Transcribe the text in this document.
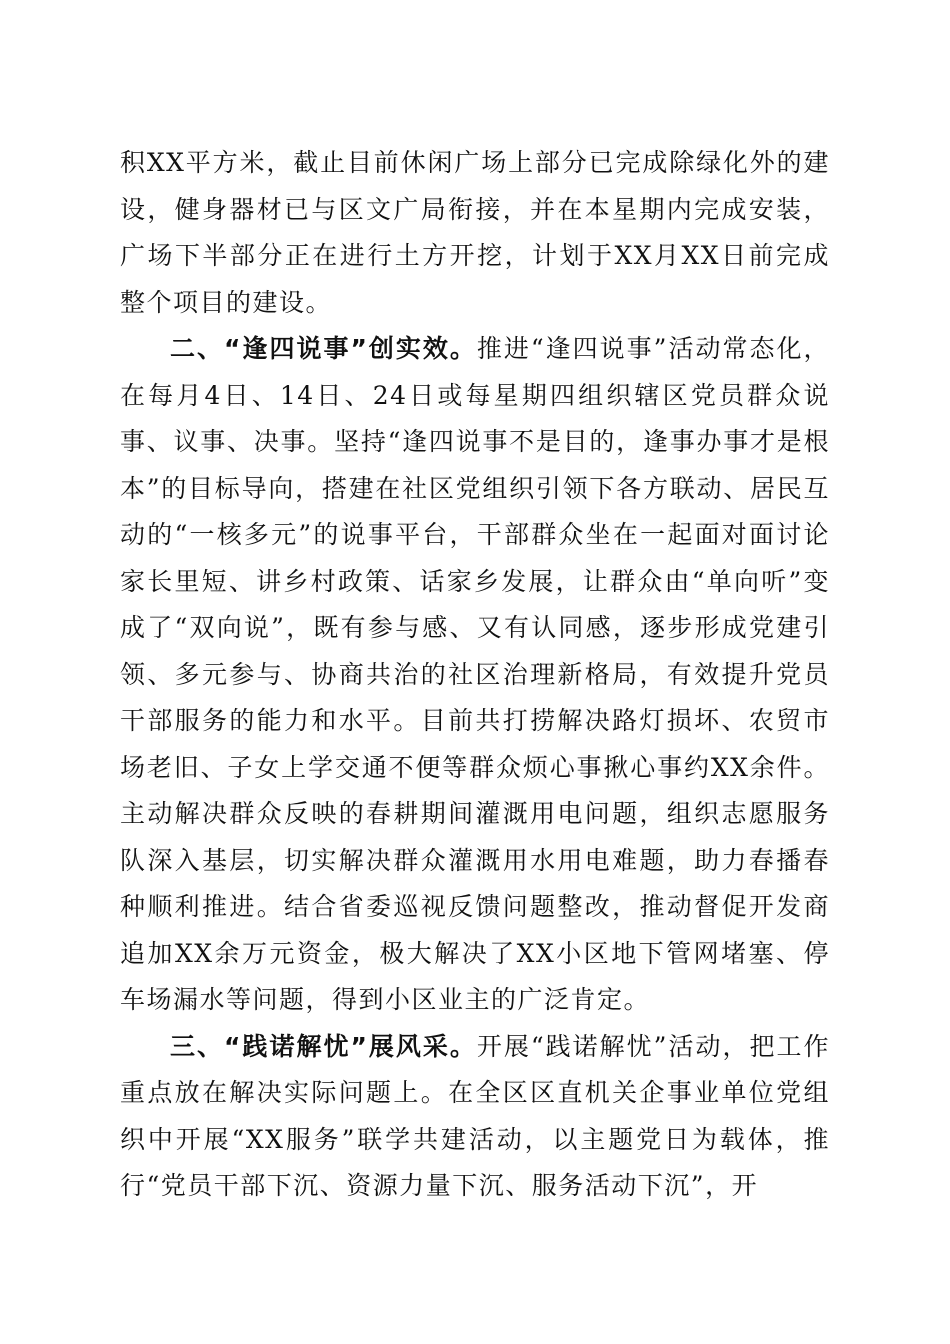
积XX平方米，截止目前休闲广场上部分已完成除绿化外的建设，健身器材已与区文广局衔接，并在本星期内完成安装，广场下半部分正在进行土方开挖，计划于XX月XX日前完成整个项目的建设。

二、“逢四说事”创实效。推进“逢四说事”活动常态化，在每月4日、14日、24日或每星期四组织辖区党员群众说事、议事、决事。坚持“逢四说事不是目的，逢事办事才是根本”的目标导向，搭建在社区党组织引领下各方联动、居民互动的“一核多元”的说事平台，干部群众坐在一起面对面讨论家长里短、讲乡村政策、话家乡发展，让群众由“单向听”变成了“双向说”，既有参与感、又有认同感，逐步形成党建引领、多元参与、协商共治的社区治理新格局，有效提升党员干部服务的能力和水平。目前共打捞解决路灯损坏、农贸市场老旧、子女上学交通不便等群众烦心事揪心事约XX余件。主动解决群众反映的春耕期间灌溉用电问题，组织志愿服务队深入基层，切实解决群众灌溉用水用电难题，助力春播春种顺利推进。结合省委巡视反馈问题整改，推动督促开发商追加XX余万元资金，极大解决了XX小区地下管网堵塞、停车场漏水等问题，得到小区业主的广泛肯定。

三、“践诺解忧”展风采。开展“践诺解忧”活动，把工作重点放在解决实际问题上。在全区区直机关企事业单位党组织中开展“XX服务”联学共建活动，以主题党日为载体，推行“党员干部下沉、资源力量下沉、服务活动下沉”，开
